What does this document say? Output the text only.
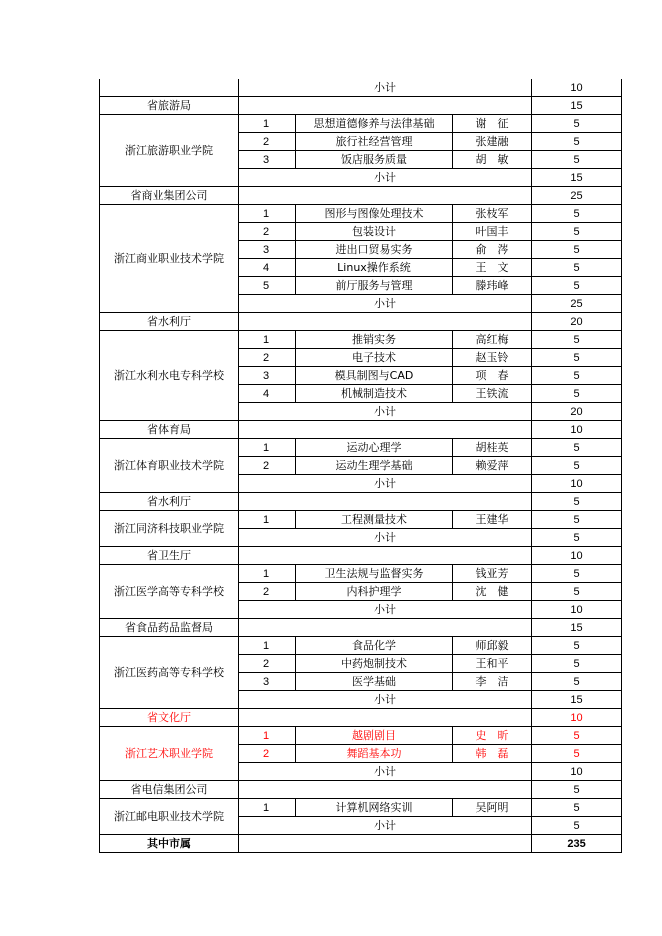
	小计			10
省旅游局				15
浙江旅游职业学院	1	思想道德修养与法律基础	谢　征	5
	2	旅行社经营管理	张建融	5
	3	饭店服务质量	胡　敏	5
	小计			15
省商业集团公司				25
浙江商业职业技术学院	1	图形与图像处理技术	张枝军	5
	2	包装设计	叶国丰	5
	3	进出口贸易实务	俞　涔	5
	4	Linux操作系统	王　文	5
	5	前厅服务与管理	滕玮峰	5
	小计			25
省水利厅				20
浙江水利水电专科学校	1	推销实务	高红梅	5
	2	电子技术	赵玉铃	5
	3	模具制图与CAD	项　春	5
	4	机械制造技术	王铁流	5
	小计			20
省体育局				10
浙江体育职业技术学院	1	运动心理学	胡桂英	5
	2	运动生理学基础	赖爱萍	5
	小计			10
省水利厅				5
浙江同济科技职业学院	1	工程测量技术	王建华	5
	小计			5
省卫生厅				10
浙江医学高等专科学校	1	卫生法规与监督实务	钱亚芳	5
	2	内科护理学	沈　健	5
	小计			10
省食品药品监督局				15
浙江医药高等专科学校	1	食品化学	师邱毅	5
	2	中药炮制技术	王和平	5
	3	医学基础	李　洁	5
	小计			15
省文化厅				10
浙江艺术职业学院	1	越剧剧目	史　昕	5
	2	舞蹈基本功	韩　磊	5
	小计			10
省电信集团公司				5
浙江邮电职业技术学院	1	计算机网络实训	吴阿明	5
	小计			5
其中市属				235
